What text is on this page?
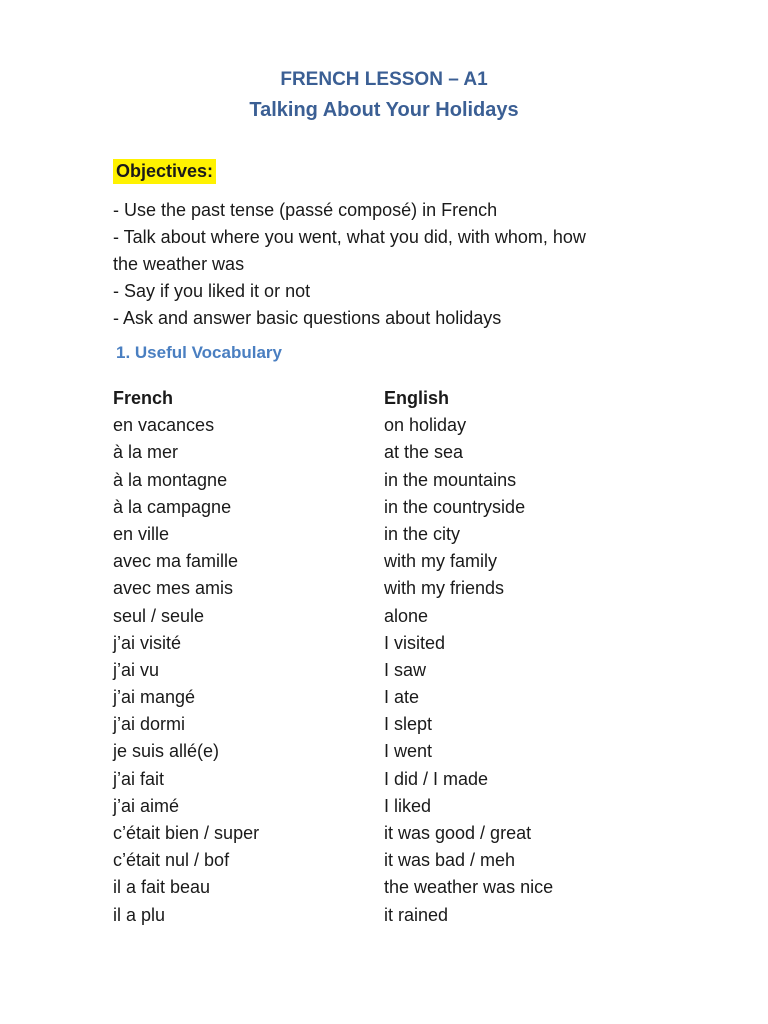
FRENCH LESSON – A1
Talking About Your Holidays
Objectives:
- Use the past tense (passé composé) in French
- Talk about where you went, what you did, with whom, how
the weather was
- Say if you liked it or not
- Ask and answer basic questions about holidays
1. Useful Vocabulary
French	English
en vacances	on holiday
à la mer	at the sea
à la montagne	in the mountains
à la campagne	in the countryside
en ville	in the city
avec ma famille	with my family
avec mes amis	with my friends
seul / seule	alone
j’ai visité	I visited
j’ai vu	I saw
j’ai mangé	I ate
j’ai dormi	I slept
je suis allé(e)	I went
j’ai fait	I did / I made
j’ai aimé	I liked
c’était bien / super	it was good / great
c’était nul / bof	it was bad / meh
il a fait beau	the weather was nice
il a plu	it rained
